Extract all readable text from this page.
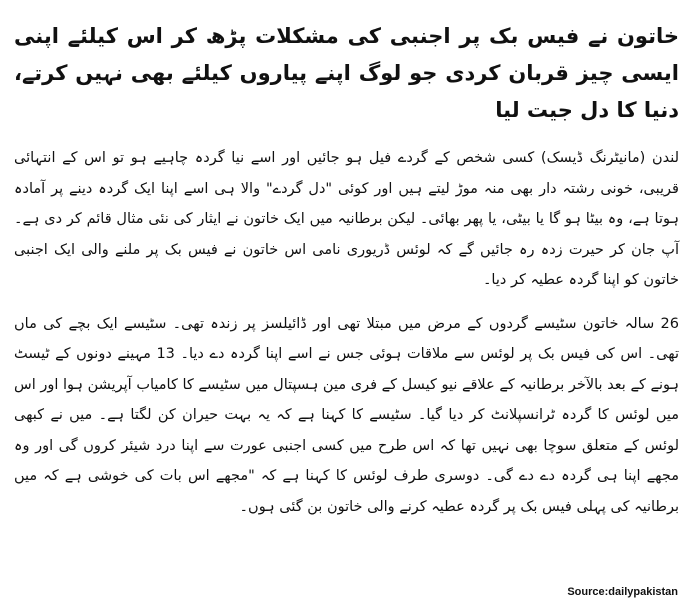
خاتون نے فیس بک پر اجنبی کی مشکلات پڑھ کر اس کیلئے اپنی ایسی چیز قربان کردی جو لوگ اپنے پیاروں کیلئے بھی نہیں کرتے، دنیا کا دل جیت لیا
لندن (مانیٹرنگ ڈیسک) کسی شخص کے گردے فیل ہو جائیں اور اسے نیا گردہ چاہیے ہو تو اس کے انتہائی قریبی، خونی رشتہ دار بھی منہ موڑ لیتے ہیں اور کوئی "دل گردے" والا ہی اسے اپنا ایک گردہ دینے پر آمادہ ہوتا ہے، وہ بیٹا ہو گا یا بیٹی، یا پھر بھائی۔ لیکن برطانیہ میں ایک خاتون نے ایثار کی نئی مثال قائم کر دی ہے۔ آپ جان کر حیرت زدہ رہ جائیں گے کہ لوئس ڈریوری نامی اس خاتون نے فیس بک پر ملنے والی ایک اجنبی خاتون کو اپنا گردہ عطیہ کر دیا۔
26 سالہ خاتون سٹیسے گردوں کے مرض میں مبتلا تھی اور ڈائیلسز پر زندہ تھی۔ سٹیسے ایک بچے کی ماں تھی۔ اس کی فیس بک پر لوئس سے ملاقات ہوئی جس نے اسے اپنا گردہ دے دیا۔ 13 مہینے دونوں کے ٹیسٹ ہونے کے بعد بالآخر برطانیہ کے علاقے نیو کیسل کے فری مین ہسپتال میں سٹیسے کا کامیاب آپریشن ہوا اور اس میں لوئس کا گردہ ٹرانسپلانٹ کر دیا گیا۔ سٹیسے کا کہنا ہے کہ یہ بہت حیران کن لگتا ہے۔ میں نے کبھی لوئس کے متعلق سوچا بھی نہیں تھا کہ اس طرح میں کسی اجنبی عورت سے اپنا درد شیئر کروں گی اور وہ مجھے اپنا ہی گردہ دے دے گی۔ دوسری طرف لوئس کا کہنا ہے کہ "مجھے اس بات کی خوشی ہے کہ میں برطانیہ کی پہلی فیس بک پر گردہ عطیہ کرنے والی خاتون بن گئی ہوں۔
Source:dailypakistan
